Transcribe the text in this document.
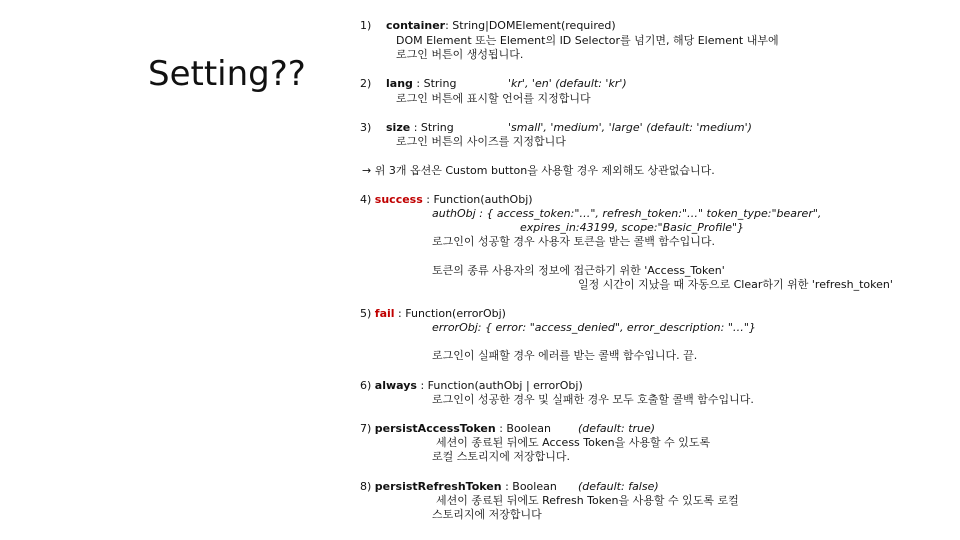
Setting??
1) container: String|DOMElement(required)
DOM Element 또는 Element의 ID Selector를 넘기면, 해당 Element 내부에
로그인 버튼이 생성됩니다.
2) lang : String	'kr', 'en' (default: 'kr')
로그인 버튼에 표시할 언어를 지정합니다
3) size : String	'small', 'medium', 'large' (default: 'medium')
로그인 버튼의 사이즈를 지정합니다
→ 위 3개 옵션은 Custom button을 사용할 경우 제외해도 상관없습니다.
4) success : Function(authObj)
authObj : { access_token:"…", refresh_token:"…" token_type:"bearer",
expires_in:43199, scope:"Basic_Profile"}
로그인이 성공할 경우 사용자 토큰을 받는 콜백 함수입니다.
토큰의 종류 사용자의 정보에 접근하기 위한 'Access_Token'
일정 시간이 지났을 때 자동으로 Clear하기 위한 'refresh_token'
5) fail : Function(errorObj)
errorObj: { error: "access_denied", error_description: "…"}
로그인이 실패할 경우 에러를 받는 콜백 함수입니다. 끝.
6) always : Function(authObj | errorObj)
로그인이 성공한 경우 및 실패한 경우 모두 호출할 콜백 함수입니다.
7) persistAccessToken : Boolean (default: true)
세션이 종료된 뒤에도 Access Token을 사용할 수 있도록
로컬 스토리지에 저장합니다.
8) persistRefreshToken : Boolean (default: false)
세션이 종료된 뒤에도 Refresh Token을 사용할 수 있도록 로컬
스토리지에 저장합니다
